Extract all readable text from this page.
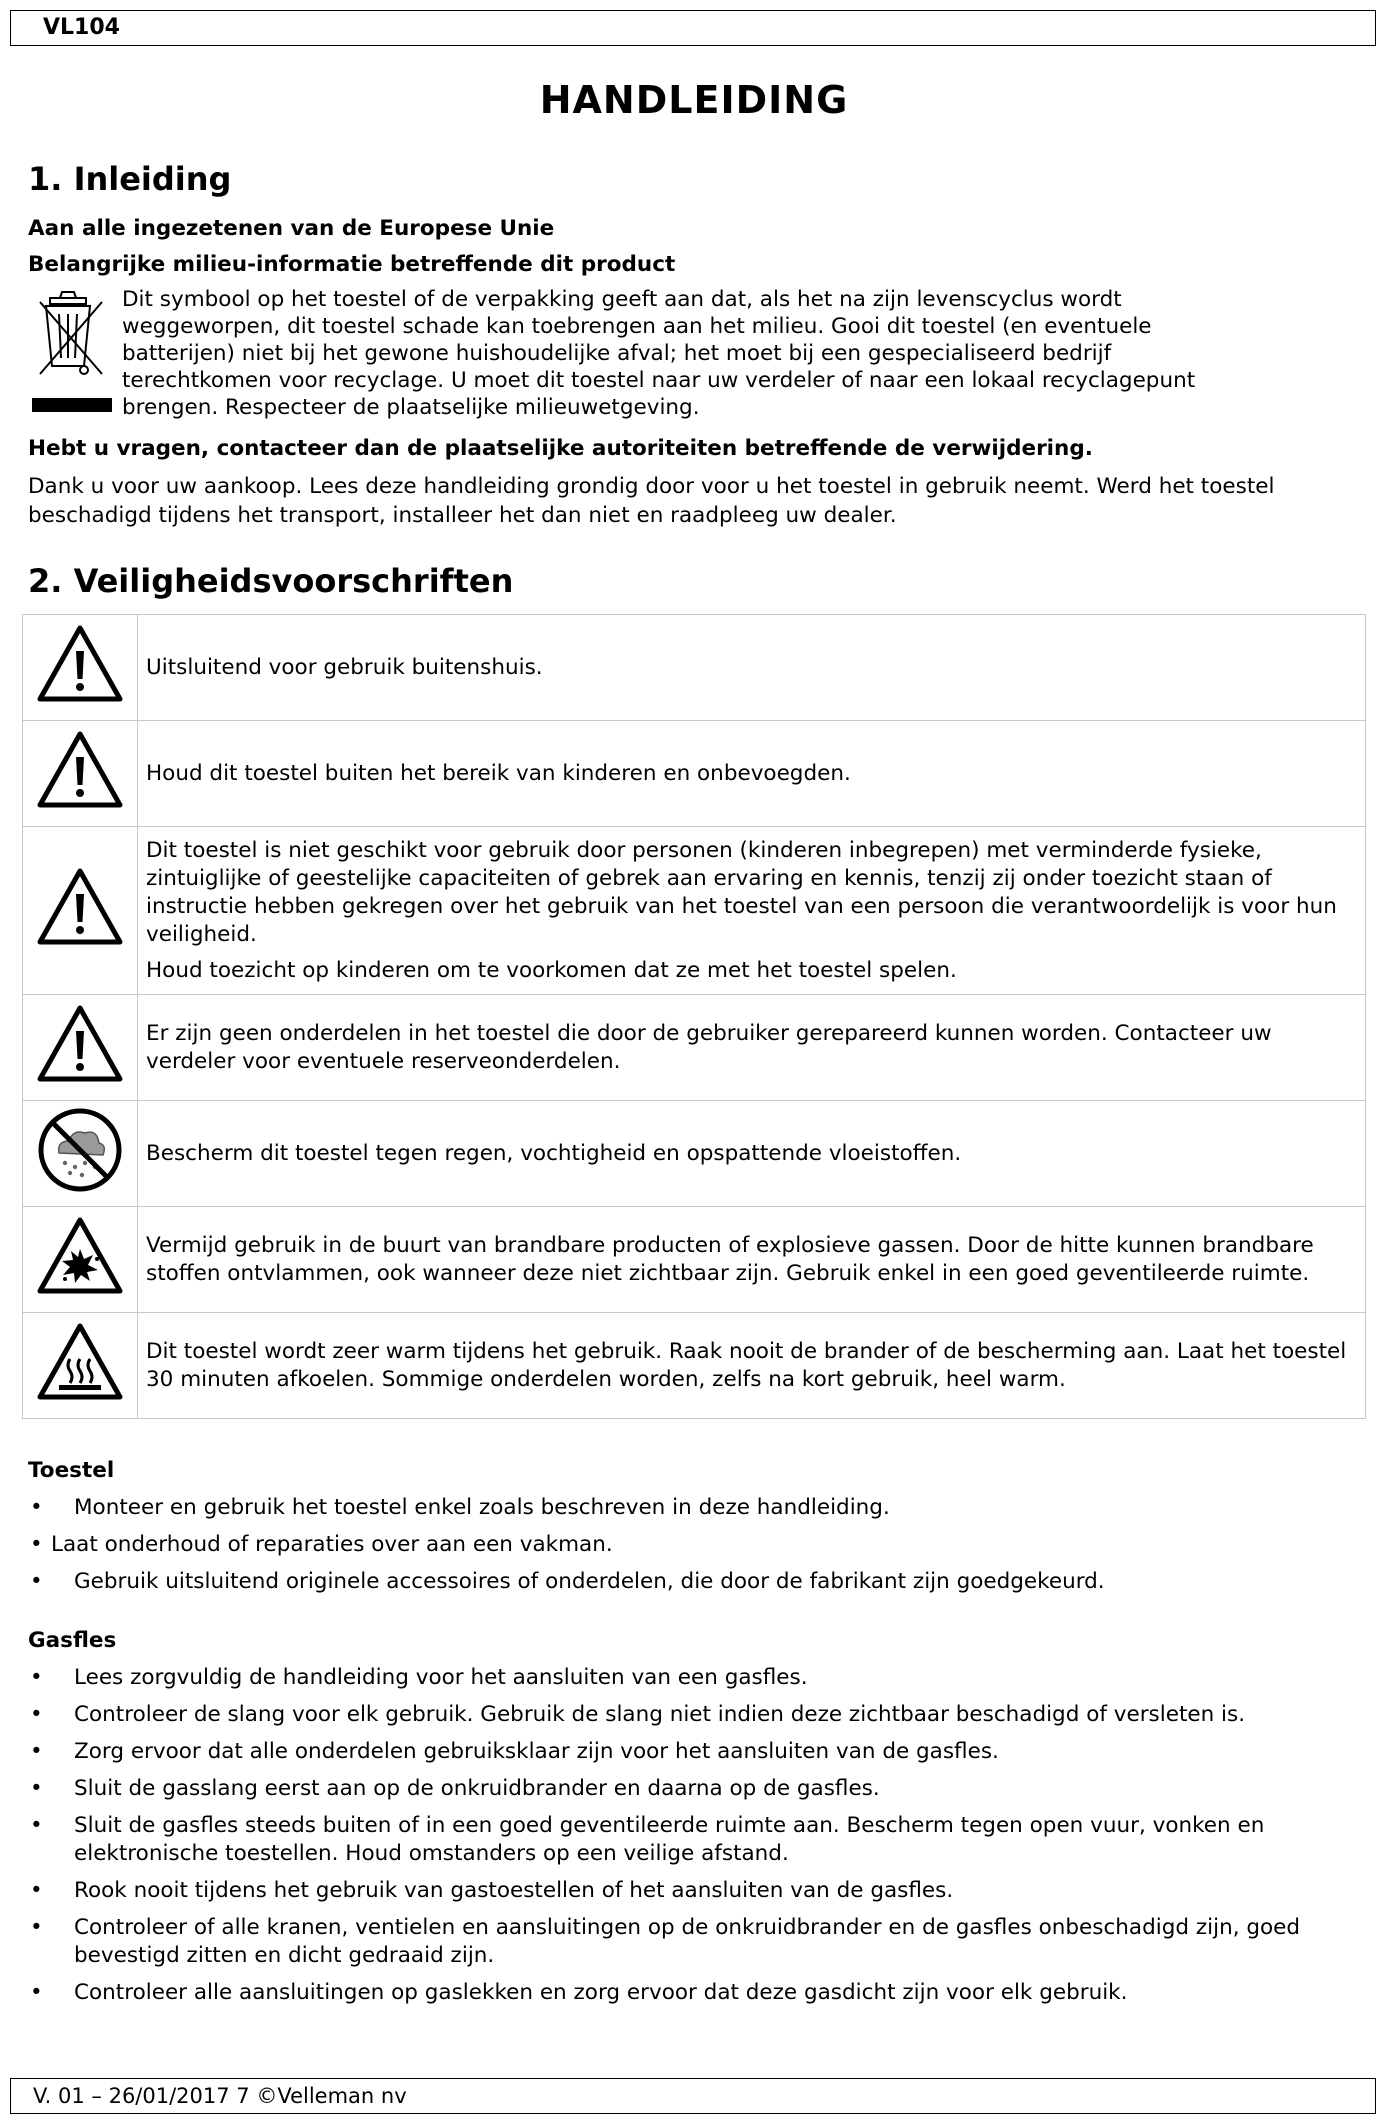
VL104
HANDLEIDING
1. Inleiding
Aan alle ingezetenen van de Europese Unie
Belangrijke milieu-informatie betreffende dit product
Dit symbool op het toestel of de verpakking geeft aan dat, als het na zijn levenscyclus wordt
weggeworpen, dit toestel schade kan toebrengen aan het milieu. Gooi dit toestel (en eventuele
batterijen) niet bij het gewone huishoudelijke afval; het moet bij een gespecialiseerd bedrijf
terechtkomen voor recyclage. U moet dit toestel naar uw verdeler of naar een lokaal recyclagepunt
brengen. Respecteer de plaatselijke milieuwetgeving.
Hebt u vragen, contacteer dan de plaatselijke autoriteiten betreffende de verwijdering.
Dank u voor uw aankoop. Lees deze handleiding grondig door voor u het toestel in gebruik neemt. Werd het toestel beschadigd tijdens het transport, installeer het dan niet en raadpleeg uw dealer.
2. Veiligheidsvoorschriften

Uitsluitend voor gebruik buitenshuis.

Houd dit toestel buiten het bereik van kinderen en onbevoegden.

Dit toestel is niet geschikt voor gebruik door personen (kinderen inbegrepen) met verminderde fysieke, zintuiglijke of geestelijke capaciteiten of gebrek aan ervaring en kennis, tenzij zij onder toezicht staan of instructie hebben gekregen over het gebruik van het toestel van een persoon die verantwoordelijk is voor hun veiligheid.

Houd toezicht op kinderen om te voorkomen dat ze met het toestel spelen.

Er zijn geen onderdelen in het toestel die door de gebruiker gerepareerd kunnen worden. Contacteer uw verdeler voor eventuele reserveonderdelen.

Bescherm dit toestel tegen regen, vochtigheid en opspattende vloeistoffen.

Vermijd gebruik in de buurt van brandbare producten of explosieve gassen. Door de hitte kunnen brandbare stoffen ontvlammen, ook wanneer deze niet zichtbaar zijn. Gebruik enkel in een goed geventileerde ruimte.

Dit toestel wordt zeer warm tijdens het gebruik. Raak nooit de brander of de bescherming aan. Laat het toestel 30 minuten afkoelen. Sommige onderdelen worden, zelfs na kort gebruik, heel warm.

Toestel
• Monteer en gebruik het toestel enkel zoals beschreven in deze handleiding.
• Laat onderhoud of reparaties over aan een vakman.
• Gebruik uitsluitend originele accessoires of onderdelen, die door de fabrikant zijn goedgekeurd.
Gasfles
• Lees zorgvuldig de handleiding voor het aansluiten van een gasfles.
• Controleer de slang voor elk gebruik. Gebruik de slang niet indien deze zichtbaar beschadigd of versleten is.
• Zorg ervoor dat alle onderdelen gebruiksklaar zijn voor het aansluiten van de gasfles.
• Sluit de gasslang eerst aan op de onkruidbrander en daarna op de gasfles.
• Sluit de gasfles steeds buiten of in een goed geventileerde ruimte aan. Bescherm tegen open vuur, vonken en elektronische toestellen. Houd omstanders op een veilige afstand.
• Rook nooit tijdens het gebruik van gastoestellen of het aansluiten van de gasfles.
• Controleer of alle kranen, ventielen en aansluitingen op de onkruidbrander en de gasfles onbeschadigd zijn, goed bevestigd zitten en dicht gedraaid zijn.
• Controleer alle aansluitingen op gaslekken en zorg ervoor dat deze gasdicht zijn voor elk gebruik.
V. 01 – 26/01/2017 7 ©Velleman nv
